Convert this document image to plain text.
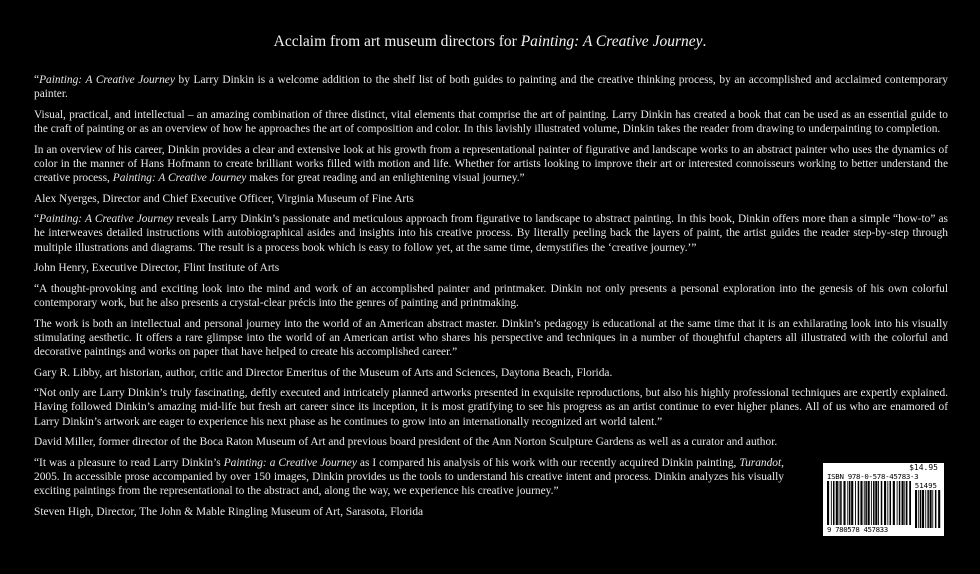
Acclaim from art museum directors for Painting: A Creative Journey.

“Painting: A Creative Journey by Larry Dinkin is a welcome addition to the shelf list of both guides to painting and the creative thinking process, by an accomplished and acclaimed contemporary painter.

Visual, practical, and intellectual – an amazing combination of three distinct, vital elements that comprise the art of painting. Larry Dinkin has created a book that can be used as an essential guide to the craft of painting or as an overview of how he approaches the art of composition and color. In this lavishly illustrated volume, Dinkin takes the reader from drawing to underpainting to completion.

In an overview of his career, Dinkin provides a clear and extensive look at his growth from a representational painter of figurative and landscape works to an abstract painter who uses the dynamics of color in the manner of Hans Hofmann to create brilliant works filled with motion and life. Whether for artists looking to improve their art or interested connoisseurs working to better understand the creative process, Painting: A Creative Journey makes for great reading and an enlightening visual journey.”

Alex Nyerges, Director and Chief Executive Officer, Virginia Museum of Fine Arts

“Painting: A Creative Journey reveals Larry Dinkin’s passionate and meticulous approach from figurative to landscape to abstract painting. In this book, Dinkin offers more than a simple “how-to” as he interweaves detailed instructions with autobiographical asides and insights into his creative process. By literally peeling back the layers of paint, the artist guides the reader step-by-step through multiple illustrations and diagrams. The result is a process book which is easy to follow yet, at the same time, demystifies the ‘creative journey.’”

John Henry, Executive Director, Flint Institute of Arts

“A thought-provoking and exciting look into the mind and work of an accomplished painter and printmaker. Dinkin not only presents a personal exploration into the genesis of his own colorful contemporary work, but he also presents a crystal-clear précis into the genres of painting and printmaking.

The work is both an intellectual and personal journey into the world of an American abstract master. Dinkin’s pedagogy is educational at the same time that it is an exhilarating look into his visually stimulating aesthetic. It offers a rare glimpse into the world of an American artist who shares his perspective and techniques in a number of thoughtful chapters all illustrated with the colorful and decorative paintings and works on paper that have helped to create his accomplished career.”

Gary R. Libby, art historian, author, critic and Director Emeritus of the Museum of Arts and Sciences, Daytona Beach, Florida.

“Not only are Larry Dinkin’s truly fascinating, deftly executed and intricately planned artworks presented in exquisite reproductions, but also his highly professional techniques are expertly explained. Having followed Dinkin’s amazing mid-life but fresh art career since its inception, it is most gratifying to see his progress as an artist continue to ever higher planes. All of us who are enamored of Larry Dinkin’s artwork are eager to experience his next phase as he continues to grow into an internationally recognized art world talent.”

David Miller, former director of the Boca Raton Museum of Art and previous board president of the Ann Norton Sculpture Gardens as well as a curator and author.

“It was a pleasure to read Larry Dinkin’s Painting: a Creative Journey as I compared his analysis of his work with our recently acquired Dinkin painting, Turandot, 2005. In accessible prose accompanied by over 150 images, Dinkin provides us the tools to understand his creative intent and process. Dinkin analyzes his visually exciting paintings from the representational to the abstract and, along the way, we experience his creative journey.”

Steven High, Director, The John & Mable Ringling Museum of Art, Sarasota, Florida

$14.95
ISBN 978-0-578-45783-3
51495
9 780578 457833
